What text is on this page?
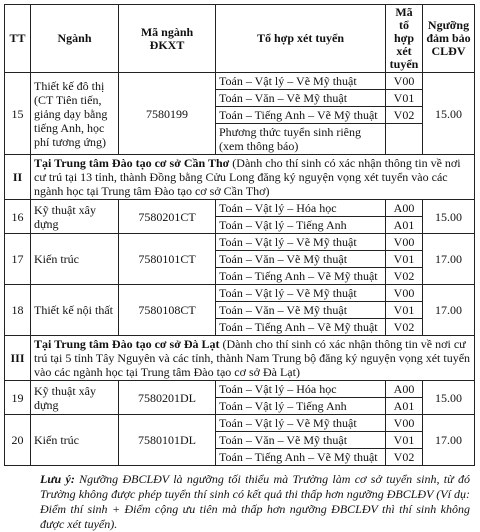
TT	Ngành	Mã ngành ĐKXT	Tổ hợp xét tuyển	Mã tổ hợp xét tuyển	Ngưỡng đảm bảo CLĐV
15	Thiết kế đô thị (CT Tiên tiến, giảng dạy bằng tiếng Anh, học phí tương ứng)	7580199	Toán – Vật lý – Vẽ Mỹ thuật	V00	15.00
			Toán – Văn – Vẽ Mỹ thuật	V01	
			Toán – Tiếng Anh – Vẽ Mỹ thuật	V02	
			Phương thức tuyển sinh riêng (xem thông báo)		
II	Tại Trung tâm Đào tạo cơ sở Cần Thơ (Dành cho thí sinh có xác nhận thông tin về nơi cư trú tại 13 tỉnh, thành Đồng bằng Cửu Long đăng ký nguyện vọng xét tuyển vào các ngành học tại Trung tâm Đào tạo cơ sở Cần Thơ)				
16	Kỹ thuật xây dựng	7580201CT	Toán – Vật lý – Hóa học	A00	15.00
			Toán – Vật lý – Tiếng Anh	A01	
17	Kiến trúc	7580101CT	Toán – Vật lý – Vẽ Mỹ thuật	V00	17.00
			Toán – Văn – Vẽ Mỹ thuật	V01	
			Toán – Tiếng Anh – Vẽ Mỹ thuật	V02	
18	Thiết kế nội thất	7580108CT	Toán – Vật lý – Vẽ Mỹ thuật	V00	17.00
			Toán – Văn – Vẽ Mỹ thuật	V01	
			Toán – Tiếng Anh – Vẽ Mỹ thuật	V02	
III	Tại Trung tâm Đào tạo cơ sở Đà Lạt (Dành cho thí sinh có xác nhận thông tin về nơi cư trú tại 5 tỉnh Tây Nguyên và các tỉnh, thành Nam Trung bộ đăng ký nguyện vọng xét tuyển vào các ngành học tại Trung tâm Đào tạo cơ sở Đà Lạt)				
19	Kỹ thuật xây dựng	7580201DL	Toán – Vật lý – Hóa học	A00	15.00
			Toán – Vật lý – Tiếng Anh	A01	
20	Kiến trúc	7580101DL	Toán – Vật lý – Vẽ Mỹ thuật	V00	17.00
			Toán – Văn – Vẽ Mỹ thuật	V01	
			Toán – Tiếng Anh – Vẽ Mỹ thuật	V02	
Lưu ý: Ngưỡng ĐBCLĐV là ngưỡng tối thiểu mà Trường làm cơ sở tuyển sinh, từ đó Trường không được phép tuyển thí sinh có kết quả thi thấp hơn ngưỡng ĐBCLĐV (Ví dụ: Điểm thí sinh + Điểm cộng ưu tiên mà thấp hơn ngưỡng ĐBCLĐV thì thí sinh không được xét tuyển).
